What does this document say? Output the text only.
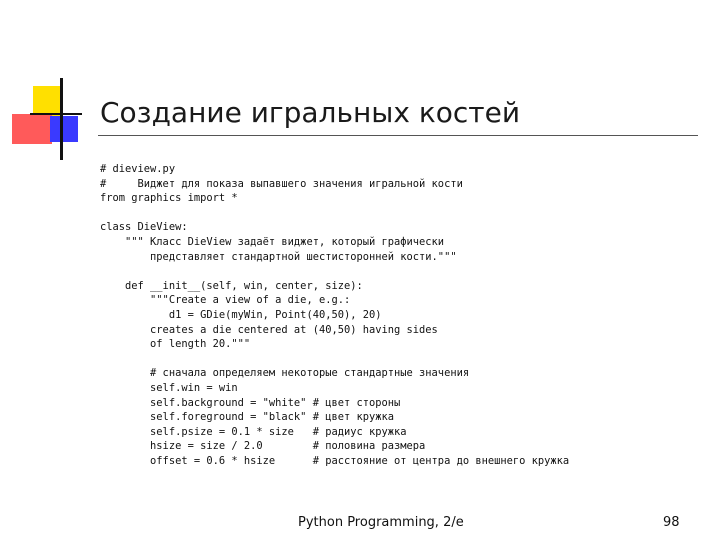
Создание игральных костей
# dieview.py
#     Виджет для показа выпавшего значения игральной кости
from graphics import *
class DieView:
""" Класс DieView задаёт виджет, который графически
представляет стандартной шестисторонней кости."""
def __init__(self, win, center, size):
"""Create a view of a die, e.g.:
d1 = GDie(myWin, Point(40,50), 20)
creates a die centered at (40,50) having sides
of length 20."""
# сначала определяем некоторые стандартные значения
self.win = win
self.background = "white" # цвет стороны
self.foreground = "black" # цвет кружка
self.psize = 0.1 * size   # радиус кружка
hsize = size / 2.0        # половина размера
offset = 0.6 * hsize      # расстояние от центра до внешнего кружка
Python Programming, 2/e	98
